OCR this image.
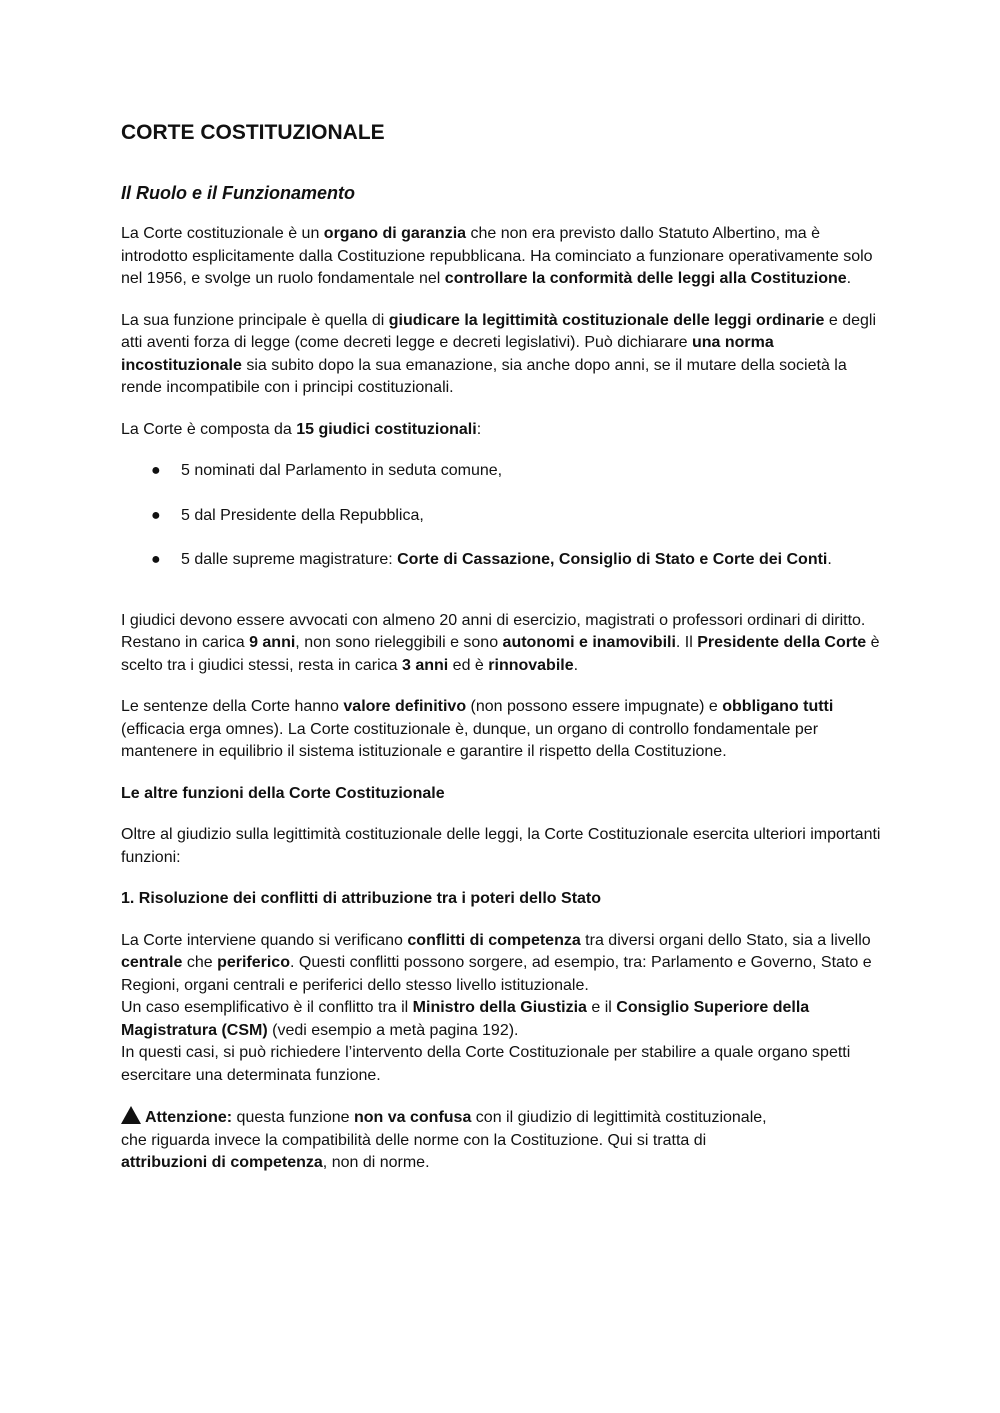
CORTE COSTITUZIONALE
Il Ruolo e il Funzionamento

La Corte costituzionale è un organo di garanzia che non era previsto dallo Statuto Albertino, ma è introdotto esplicitamente dalla Costituzione repubblicana. Ha cominciato a funzionare operativamente solo nel 1956, e svolge un ruolo fondamentale nel controllare la conformità delle leggi alla Costituzione.

La sua funzione principale è quella di giudicare la legittimità costituzionale delle leggi ordinarie e degli atti aventi forza di legge (come decreti legge e decreti legislativi). Può dichiarare una norma incostituzionale sia subito dopo la sua emanazione, sia anche dopo anni, se il mutare della società la rende incompatibile con i principi costituzionali.

La Corte è composta da 15 giudici costituzionali:

● 5 nominati dal Parlamento in seduta comune,
● 5 dal Presidente della Repubblica,
● 5 dalle supreme magistrature: Corte di Cassazione, Consiglio di Stato e Corte dei Conti.

I giudici devono essere avvocati con almeno 20 anni di esercizio, magistrati o professori ordinari di diritto. Restano in carica 9 anni, non sono rieleggibili e sono autonomi e inamovibili. Il Presidente della Corte è scelto tra i giudici stessi, resta in carica 3 anni ed è rinnovabile.

Le sentenze della Corte hanno valore definitivo (non possono essere impugnate) e obbligano tutti (efficacia erga omnes). La Corte costituzionale è, dunque, un organo di controllo fondamentale per mantenere in equilibrio il sistema istituzionale e garantire il rispetto della Costituzione.

Le altre funzioni della Corte Costituzionale

Oltre al giudizio sulla legittimità costituzionale delle leggi, la Corte Costituzionale esercita ulteriori importanti funzioni:

1. Risoluzione dei conflitti di attribuzione tra i poteri dello Stato

La Corte interviene quando si verificano conflitti di competenza tra diversi organi dello Stato, sia a livello centrale che periferico. Questi conflitti possono sorgere, ad esempio, tra: Parlamento e Governo, Stato e Regioni, organi centrali e periferici dello stesso livello istituzionale.
Un caso esemplificativo è il conflitto tra il Ministro della Giustizia e il Consiglio Superiore della Magistratura (CSM) (vedi esempio a metà pagina 192).
In questi casi, si può richiedere l’intervento della Corte Costituzionale per stabilire a quale organo spetti esercitare una determinata funzione.

Attenzione: questa funzione non va confusa con il giudizio di legittimità costituzionale,
che riguarda invece la compatibilità delle norme con la Costituzione. Qui si tratta di
attribuzioni di competenza, non di norme.
